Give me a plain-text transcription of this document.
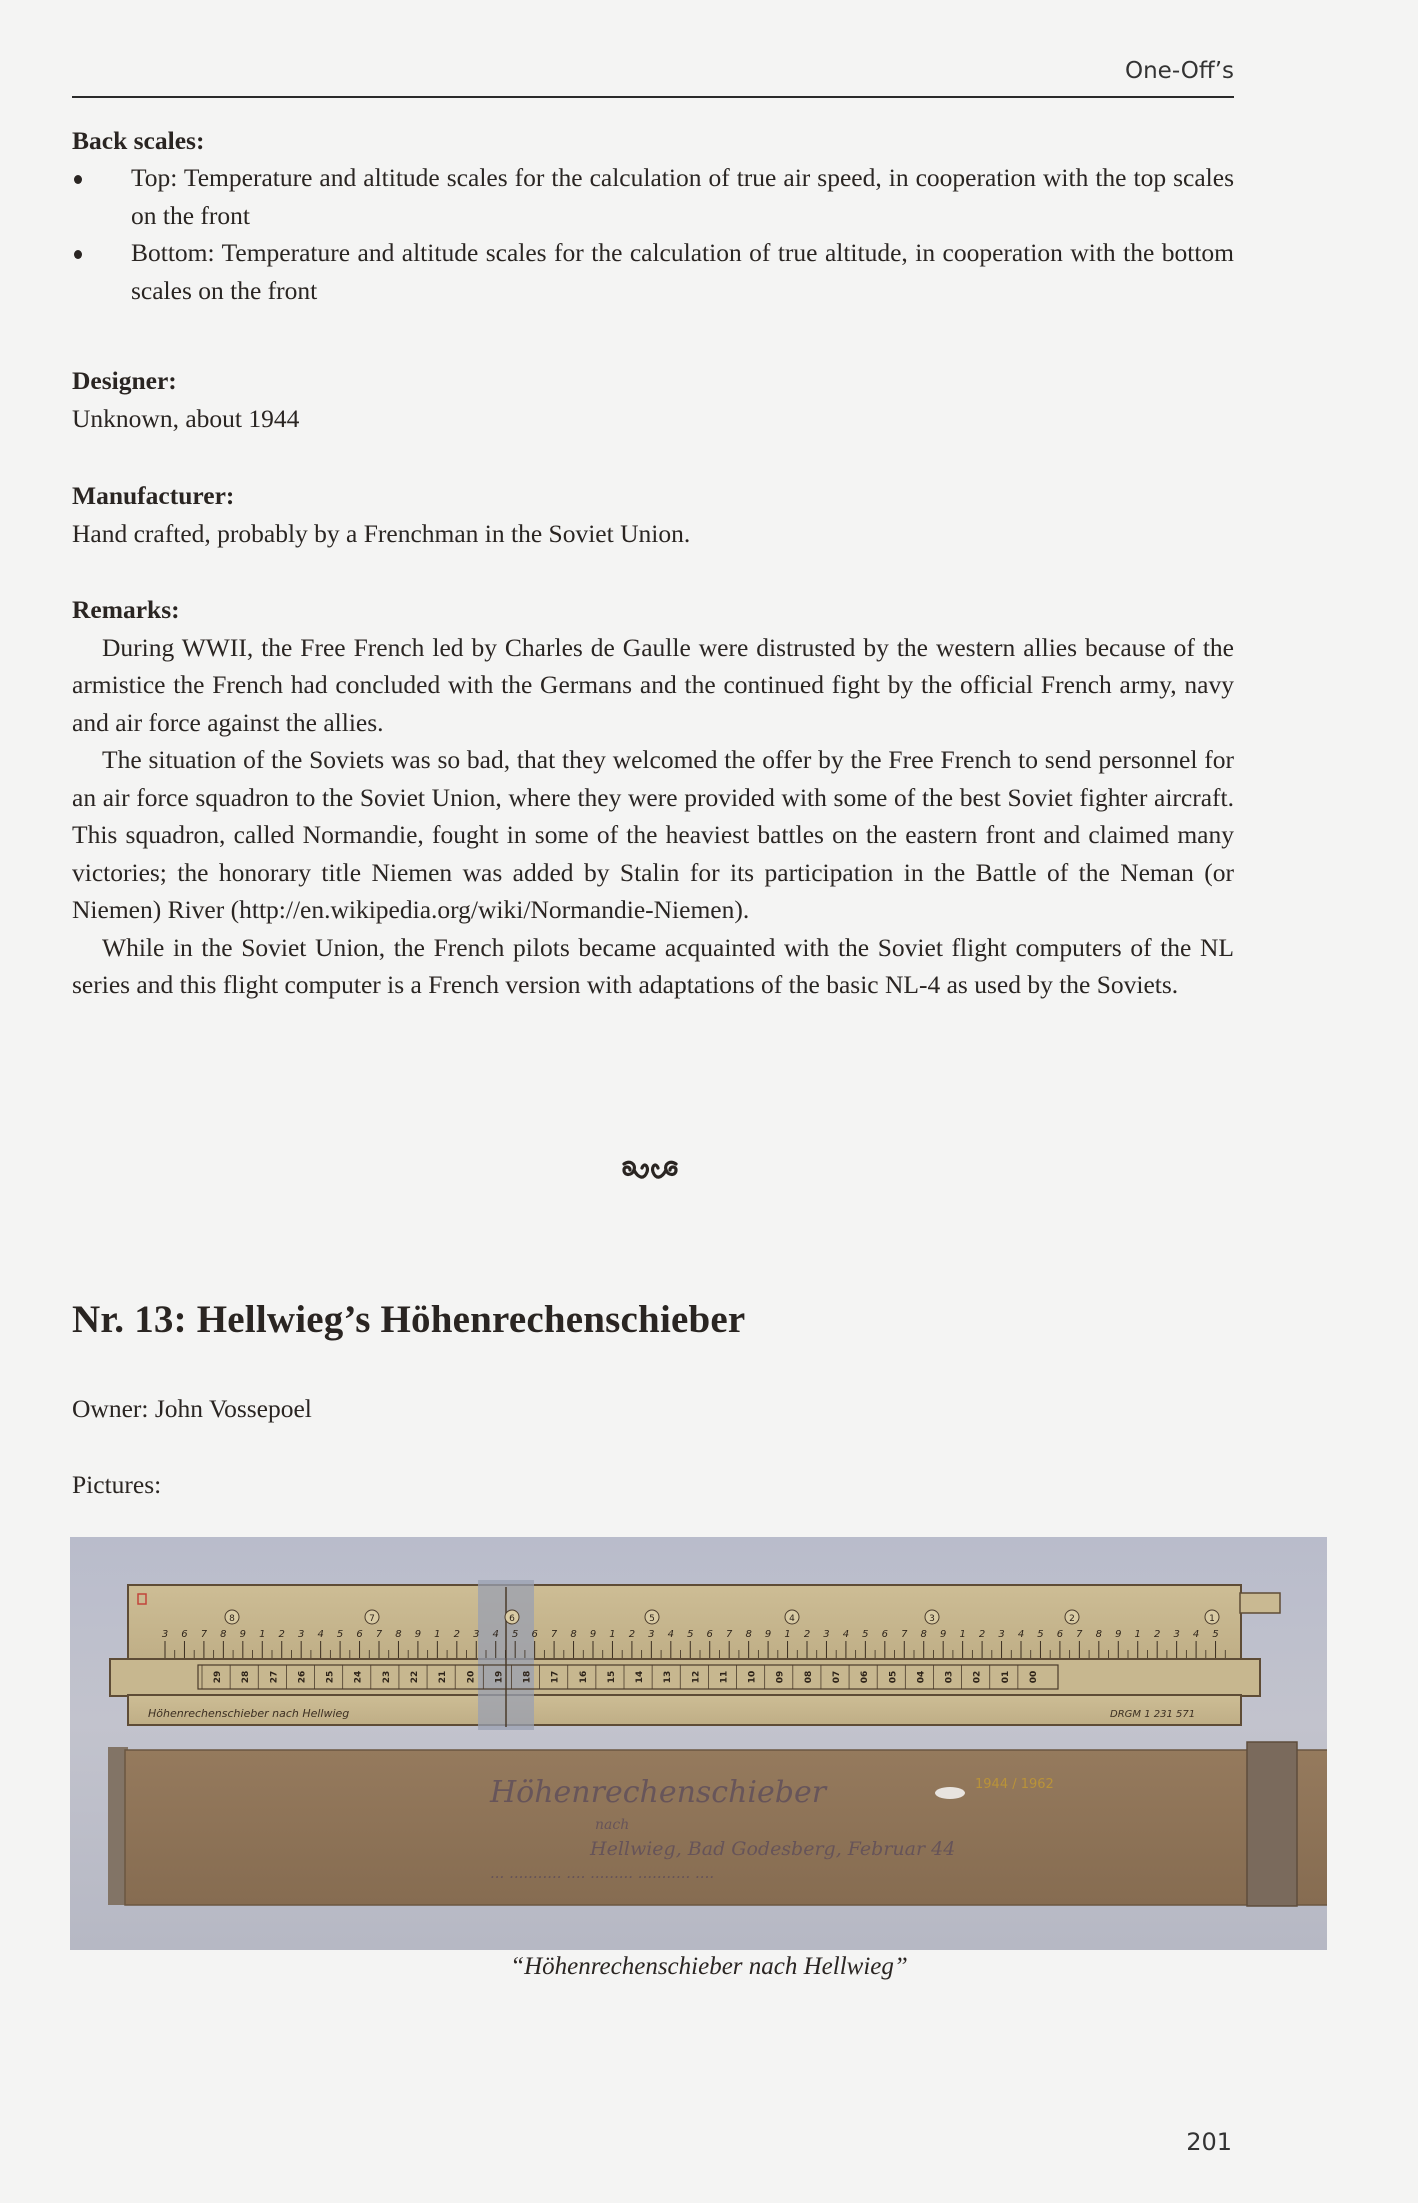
One-Off’s
Back scales:
Top: Temperature and altitude scales for the calculation of true air speed, in cooperation with the top scales on the front
Bottom: Temperature and altitude scales for the calculation of true altitude, in cooperation with the bottom scales on the front
Designer:
Unknown, about 1944
Manufacturer:
Hand crafted, probably by a Frenchman in the Soviet Union.
Remarks:

During WWII, the Free French led by Charles de Gaulle were distrusted by the western allies because of the armistice the French had concluded with the Germans and the continued fight by the official French army, navy and air force against the allies.

The situation of the Soviets was so bad, that they welcomed the offer by the Free French to send personnel for an air force squadron to the Soviet Union, where they were provided with some of the best Soviet fighter aircraft. This squadron, called Normandie, fought in some of the heaviest battles on the eastern front and claimed many victories; the honorary title Niemen was added by Stalin for its participation in the Battle of the Neman (or Niemen) River (http://en.wikipedia.org/wiki/Normandie-Niemen).

While in the Soviet Union, the French pilots became acquainted with the Soviet flight computers of the NL series and this flight computer is a French version with adaptations of the basic NL-4 as used by the Soviets.

Nr. 13: Hellwieg’s Höhenrechenschieber
Owner: John Vossepoel
Pictures:
3 6 7 8 9 1 2 3 4 5 6 7 8 9 1 2 3 4 5 6 7 8 9 1 2 3 4 5 6 7 8 9 1 2 3 4 5 6 7 8 9 1 2 3 4 5 6 7 8 9 1 2 3 4 5
8	7	6	5	4	3	2	1
29 28 27 26 25 24 23 22 21 20 19 18 17 16 15 14 13 12 11 10 09 08 07 06 05 04 03 02 01 00
Höhenrechenschieber nach Hellwieg	DRGM 1 231 571
Höhenrechenschieber
nach
Hellwieg, Bad Godesberg, Februar 44
··· ··········· ···· ········· ··········· ····
1944 / 1962
“Höhenrechenschieber nach Hellwieg”
201
